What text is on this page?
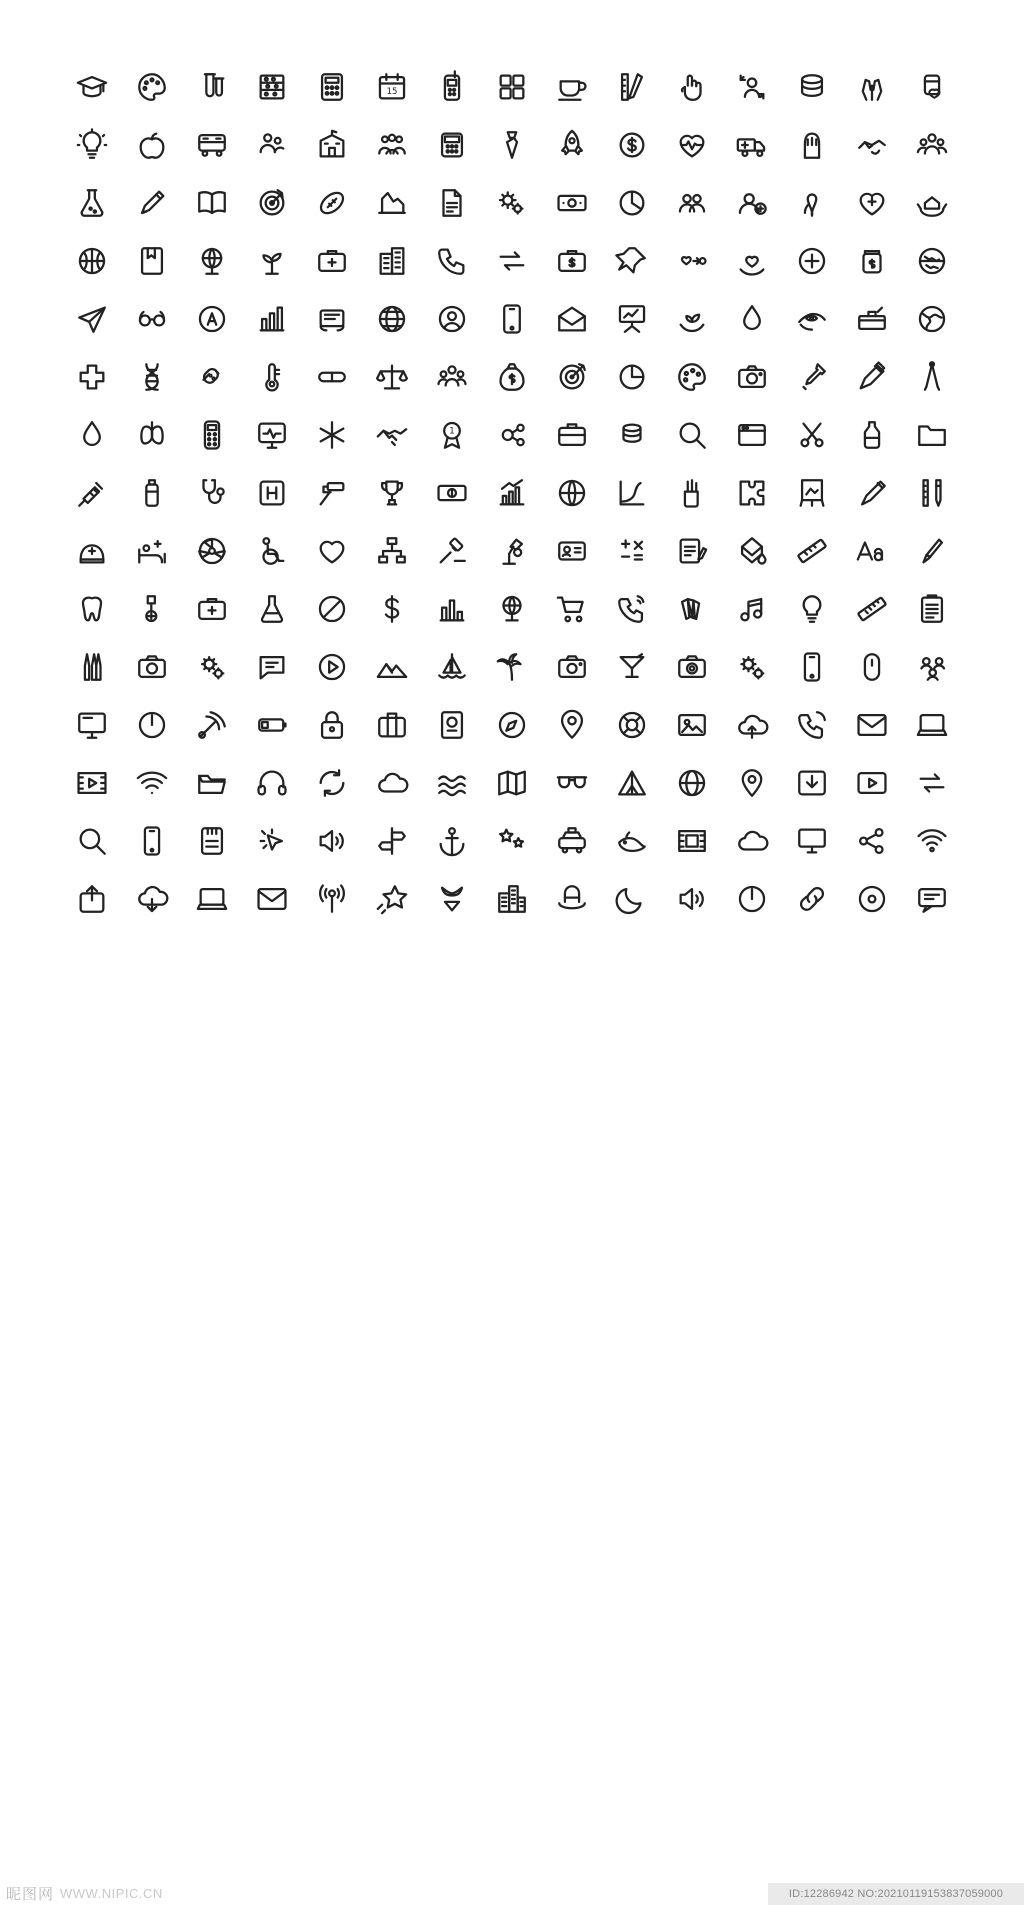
15
1
昵图网 WWW.NIPIC.CN	ID:12286942 NO:20210119153837059000
